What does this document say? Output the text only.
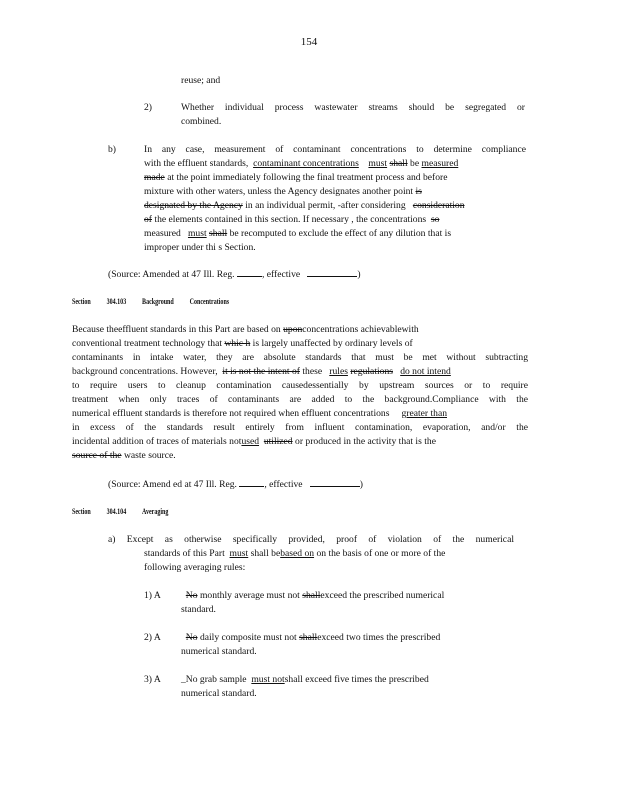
154
reuse; and
2)	Whether individual process wastewater streams should be segregated or
combined.
b)	In any case, measurement of contaminant concentrations to determine compliance
with the effluent standards, contaminant concentrations must shall be measured
made at the point immediately following the final treatment process and before
mixture with other waters, unless the Agency designates another point is
designated by the Agency in an individual permit, -after considering consideration
of the elements contained in this section. If necessary , the concentrations so
measured must shall be recomputed to exclude the effect of any dilution that is
improper under thi s Section.
(Source: Amended at 47 Ill. Reg.	, effective	)
Section 304.103 Background Concentrations
Because theeffluent standards in this Part are based on uponconcentrations achievablewith
conventional treatment technology that whic h is largely unaffected by ordinary levels of
contaminants in intake water, they are absolute standards that must be met without subtracting
background concentrations. However, it is not the intent of these rules regulations do not intend
to require users to cleanup contamination causedessentially by upstream sources or to require
treatment when only traces of contaminants are added to the background.Compliance with the
numerical effluent standards is therefore not required when effluent concentrations greater than
in excess of the standards result entirely from influent contamination, evaporation, and/or the
incidental addition of traces of materials notused utilized or produced in the activity that is the
source of the waste source.
(Source: Amend ed at 47 Ill. Reg.	, effective	)
Section 304.104 Averaging
a) Except as otherwise specifically provided, proof of violation of the numerical
standards of this Part must shall bebased on on the basis of one or more of the
following averaging rules:
1) A	No monthly average must not shallexceed the prescribed numerical
standard.
2) A	No daily composite must not shallexceed two times the prescribed
numerical standard.
3) A _No grab sample must notshall exceed five times the prescribed
numerical standard.
